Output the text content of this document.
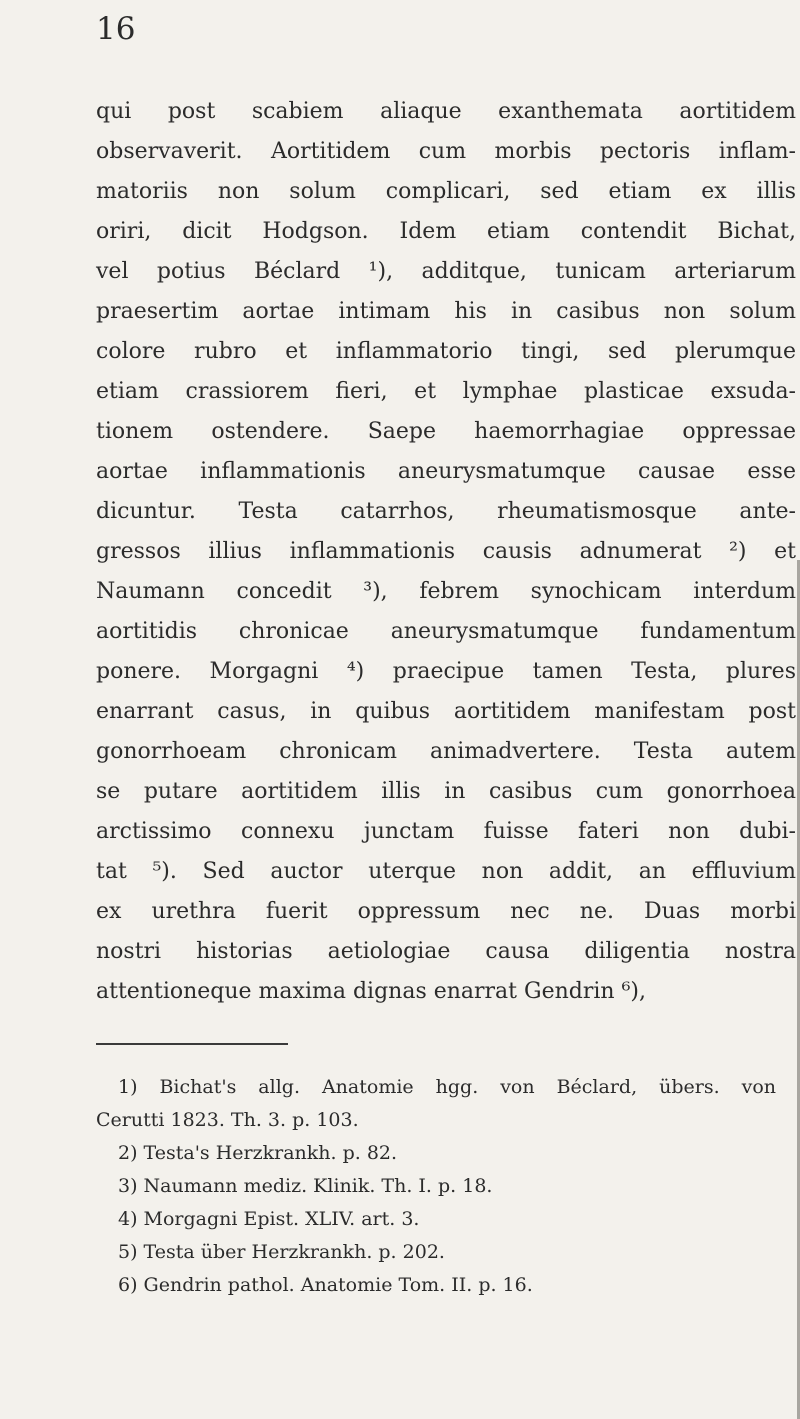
16
qui post scabiem aliaque exanthemata aortitidem
observaverit. Aortitidem cum morbis pectoris inflam-
matoriis non solum complicari, sed etiam ex illis
oriri, dicit Hodgson. Idem etiam contendit Bichat,
vel potius Béclard ¹), additque, tunicam arteriarum
praesertim aortae intimam his in casibus non solum
colore rubro et inflammatorio tingi, sed plerumque
etiam crassiorem fieri, et lymphae plasticae exsuda-
tionem ostendere. Saepe haemorrhagiae oppressae
aortae inflammationis aneurysmatumque causae esse
dicuntur. Testa catarrhos, rheumatismosque ante-
gressos illius inflammationis causis adnumerat ²) et
Naumann concedit ³), febrem synochicam interdum
aortitidis chronicae aneurysmatumque fundamentum
ponere. Morgagni ⁴) praecipue tamen Testa, plures
enarrant casus, in quibus aortitidem manifestam post
gonorrhoeam chronicam animadvertere. Testa autem
se putare aortitidem illis in casibus cum gonorrhoea
arctissimo connexu junctam fuisse fateri non dubi-
tat ⁵). Sed auctor uterque non addit, an effluvium
ex urethra fuerit oppressum nec ne. Duas morbi
nostri historias aetiologiae causa diligentia nostra
attentioneque maxima dignas enarrat Gendrin ⁶),
1) Bichat's allg. Anatomie hgg. von Béclard, übers. von
Cerutti 1823. Th. 3. p. 103.
2) Testa's Herzkrankh. p. 82.
3) Naumann mediz. Klinik. Th. I. p. 18.
4) Morgagni Epist. XLIV. art. 3.
5) Testa über Herzkrankh. p. 202.
6) Gendrin pathol. Anatomie Tom. II. p. 16.
